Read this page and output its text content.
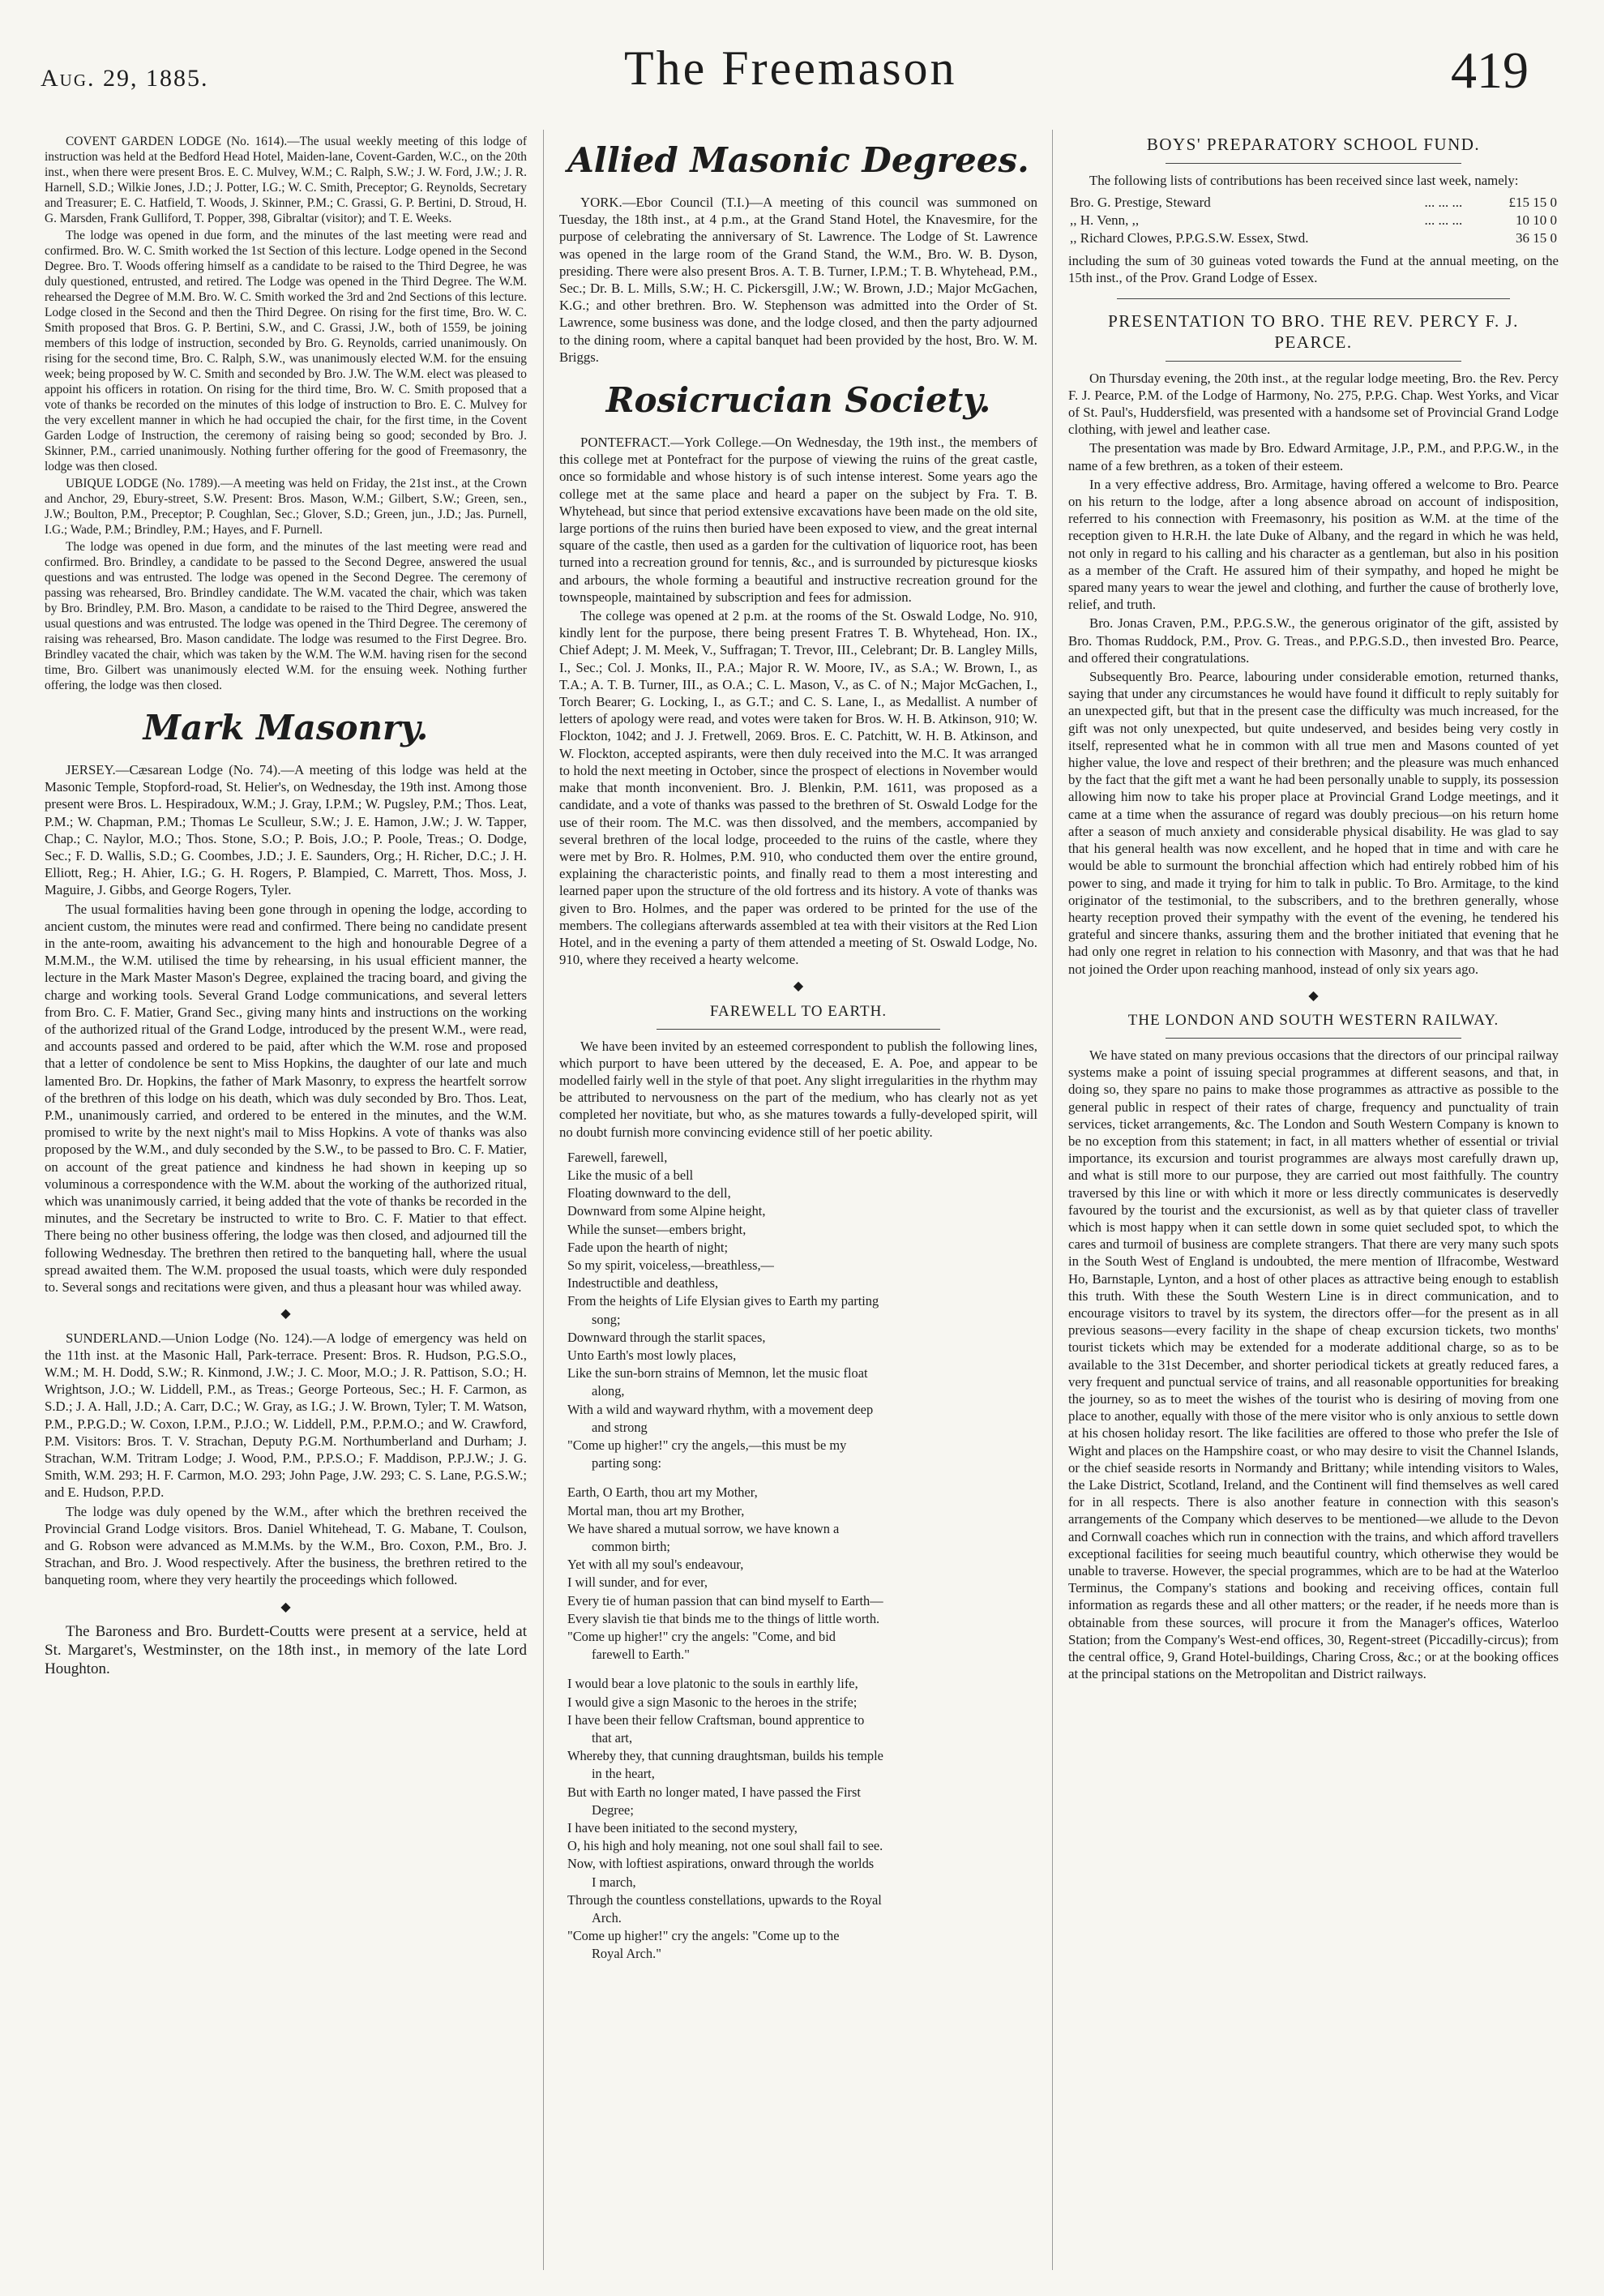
Aug. 29, 1885.	The Freemason	419

COVENT GARDEN LODGE (No. 1614).—The usual weekly meeting of this lodge of instruction was held at the Bedford Head Hotel, Maiden-lane, Covent-Garden, W.C., on the 20th inst., when there were present Bros. E. C. Mulvey, W.M.; C. Ralph, S.W.; J. W. Ford, J.W.; J. R. Harnell, S.D.; Wilkie Jones, J.D.; J. Potter, I.G.; W. C. Smith, Preceptor; G. Reynolds, Secretary and Treasurer; E. C. Hatfield, T. Woods, J. Skinner, P.M.; C. Grassi, G. P. Bertini, D. Stroud, H. G. Marsden, Frank Gulliford, T. Popper, 398, Gibraltar (visitor); and T. E. Weeks.

The lodge was opened in due form, and the minutes of the last meeting were read and confirmed. Bro. W. C. Smith worked the 1st Section of this lecture. Lodge opened in the Second Degree. Bro. T. Woods offering himself as a candidate to be raised to the Third Degree, he was duly questioned, entrusted, and retired. The Lodge was opened in the Third Degree. The W.M. rehearsed the Degree of M.M. Bro. W. C. Smith worked the 3rd and 2nd Sections of this lecture. Lodge closed in the Second and then the Third Degree. On rising for the first time, Bro. W. C. Smith proposed that Bros. G. P. Bertini, S.W., and C. Grassi, J.W., both of 1559, be joining members of this lodge of instruction, seconded by Bro. G. Reynolds, carried unanimously. On rising for the second time, Bro. C. Ralph, S.W., was unanimously elected W.M. for the ensuing week; being proposed by W. C. Smith and seconded by Bro. J.W. The W.M. elect was pleased to appoint his officers in rotation. On rising for the third time, Bro. W. C. Smith proposed that a vote of thanks be recorded on the minutes of this lodge of instruction to Bro. E. C. Mulvey for the very excellent manner in which he had occupied the chair, for the first time, in the Covent Garden Lodge of Instruction, the ceremony of raising being so good; seconded by Bro. J. Skinner, P.M., carried unanimously. Nothing further offering for the good of Freemasonry, the lodge was then closed.

UBIQUE LODGE (No. 1789).—A meeting was held on Friday, the 21st inst., at the Crown and Anchor, 29, Ebury-street, S.W. Present: Bros. Mason, W.M.; Gilbert, S.W.; Green, sen., J.W.; Boulton, P.M., Preceptor; P. Coughlan, Sec.; Glover, S.D.; Green, jun., J.D.; Jas. Purnell, I.G.; Wade, P.M.; Brindley, P.M.; Hayes, and F. Purnell.

The lodge was opened in due form, and the minutes of the last meeting were read and confirmed. Bro. Brindley, a candidate to be passed to the Second Degree, answered the usual questions and was entrusted. The lodge was opened in the Second Degree. The ceremony of passing was rehearsed, Bro. Brindley candidate. The W.M. vacated the chair, which was taken by Bro. Brindley, P.M. Bro. Mason, a candidate to be raised to the Third Degree, answered the usual questions and was entrusted. The lodge was opened in the Third Degree. The ceremony of raising was rehearsed, Bro. Mason candidate. The lodge was resumed to the First Degree. Bro. Brindley vacated the chair, which was taken by the W.M. The W.M. having risen for the second time, Bro. Gilbert was unanimously elected W.M. for the ensuing week. Nothing further offering, the lodge was then closed.

Mark Masonry.

JERSEY.—Cæsarean Lodge (No. 74).—A meeting of this lodge was held at the Masonic Temple, Stopford-road, St. Helier's, on Wednesday, the 19th inst. Among those present were Bros. L. Hespiradoux, W.M.; J. Gray, I.P.M.; W. Pugsley, P.M.; Thos. Leat, P.M.; W. Chapman, P.M.; Thomas Le Sculleur, S.W.; J. E. Hamon, J.W.; J. W. Tapper, Chap.; C. Naylor, M.O.; Thos. Stone, S.O.; P. Bois, J.O.; P. Poole, Treas.; O. Dodge, Sec.; F. D. Wallis, S.D.; G. Coombes, J.D.; J. E. Saunders, Org.; H. Richer, D.C.; J. H. Elliott, Reg.; H. Ahier, I.G.; G. H. Rogers, P. Blampied, C. Marrett, Thos. Moss, J. Maguire, J. Gibbs, and George Rogers, Tyler.

The usual formalities having been gone through in opening the lodge, according to ancient custom, the minutes were read and confirmed. There being no candidate present in the ante-room, awaiting his advancement to the high and honourable Degree of a M.M.M., the W.M. utilised the time by rehearsing, in his usual efficient manner, the lecture in the Mark Master Mason's Degree, explained the tracing board, and giving the charge and working tools. Several Grand Lodge communications, and several letters from Bro. C. F. Matier, Grand Sec., giving many hints and instructions on the working of the authorized ritual of the Grand Lodge, introduced by the present W.M., were read, and accounts passed and ordered to be paid, after which the W.M. rose and proposed that a letter of condolence be sent to Miss Hopkins, the daughter of our late and much lamented Bro. Dr. Hopkins, the father of Mark Masonry, to express the heartfelt sorrow of the brethren of this lodge on his death, which was duly seconded by Bro. Thos. Leat, P.M., unanimously carried, and ordered to be entered in the minutes, and the W.M. promised to write by the next night's mail to Miss Hopkins. A vote of thanks was also proposed by the W.M., and duly seconded by the S.W., to be passed to Bro. C. F. Matier, on account of the great patience and kindness he had shown in keeping up so voluminous a correspondence with the W.M. about the working of the authorized ritual, which was unanimously carried, it being added that the vote of thanks be recorded in the minutes, and the Secretary be instructed to write to Bro. C. F. Matier to that effect. There being no other business offering, the lodge was then closed, and adjourned till the following Wednesday. The brethren then retired to the banqueting hall, where the usual spread awaited them. The W.M. proposed the usual toasts, which were duly responded to. Several songs and recitations were given, and thus a pleasant hour was whiled away.

◆

SUNDERLAND.—Union Lodge (No. 124).—A lodge of emergency was held on the 11th inst. at the Masonic Hall, Park-terrace. Present: Bros. R. Hudson, P.G.S.O., W.M.; M. H. Dodd, S.W.; R. Kinmond, J.W.; J. C. Moor, M.O.; J. R. Pattison, S.O.; H. Wrightson, J.O.; W. Liddell, P.M., as Treas.; George Porteous, Sec.; H. F. Carmon, as S.D.; J. A. Hall, J.D.; A. Carr, D.C.; W. Gray, as I.G.; J. W. Brown, Tyler; T. M. Watson, P.M., P.P.G.D.; W. Coxon, I.P.M., P.J.O.; W. Liddell, P.M., P.P.M.O.; and W. Crawford, P.M. Visitors: Bros. T. V. Strachan, Deputy P.G.M. Northumberland and Durham; J. Strachan, W.M. Tritram Lodge; J. Wood, P.M., P.P.S.O.; F. Maddison, P.P.J.W.; J. G. Smith, W.M. 293; H. F. Carmon, M.O. 293; John Page, J.W. 293; C. S. Lane, P.G.S.W.; and E. Hudson, P.P.D.

The lodge was duly opened by the W.M., after which the brethren received the Provincial Grand Lodge visitors. Bros. Daniel Whitehead, T. G. Mabane, T. Coulson, and G. Robson were advanced as M.M.Ms. by the W.M., Bro. Coxon, P.M., Bro. J. Strachan, and Bro. J. Wood respectively. After the business, the brethren retired to the banqueting room, where they very heartily the proceedings which followed.

◆

The Baroness and Bro. Burdett-Coutts were present at a service, held at St. Margaret's, Westminster, on the 18th inst., in memory of the late Lord Houghton.

Allied Masonic Degrees.

YORK.—Ebor Council (T.I.)—A meeting of this council was summoned on Tuesday, the 18th inst., at 4 p.m., at the Grand Stand Hotel, the Knavesmire, for the purpose of celebrating the anniversary of St. Lawrence. The Lodge of St. Lawrence was opened in the large room of the Grand Stand, the W.M., Bro. W. B. Dyson, presiding. There were also present Bros. A. T. B. Turner, I.P.M.; T. B. Whytehead, P.M., Sec.; Dr. B. L. Mills, S.W.; H. C. Pickersgill, J.W.; W. Brown, J.D.; Major McGachen, K.G.; and other brethren. Bro. W. Stephenson was admitted into the Order of St. Lawrence, some business was done, and the lodge closed, and then the party adjourned to the dining room, where a capital banquet had been provided by the host, Bro. W. M. Briggs.

Rosicrucian Society.

PONTEFRACT.—York College.—On Wednesday, the 19th inst., the members of this college met at Pontefract for the purpose of viewing the ruins of the great castle, once so formidable and whose history is of such intense interest. Some years ago the college met at the same place and heard a paper on the subject by Fra. T. B. Whytehead, but since that period extensive excavations have been made on the old site, large portions of the ruins then buried have been exposed to view, and the great internal square of the castle, then used as a garden for the cultivation of liquorice root, has been turned into a recreation ground for tennis, &c., and is surrounded by picturesque kiosks and arbours, the whole forming a beautiful and instructive recreation ground for the townspeople, maintained by subscription and fees for admission.

The college was opened at 2 p.m. at the rooms of the St. Oswald Lodge, No. 910, kindly lent for the purpose, there being present Fratres T. B. Whytehead, Hon. IX., Chief Adept; J. M. Meek, V., Suffragan; T. Trevor, III., Celebrant; Dr. B. Langley Mills, I., Sec.; Col. J. Monks, II., P.A.; Major R. W. Moore, IV., as S.A.; W. Brown, I., as T.A.; A. T. B. Turner, III., as O.A.; C. L. Mason, V., as C. of N.; Major McGachen, I., Torch Bearer; G. Locking, I., as G.T.; and C. S. Lane, I., as Medallist. A number of letters of apology were read, and votes were taken for Bros. W. H. B. Atkinson, 910; W. Flockton, 1042; and J. J. Fretwell, 2069. Bros. E. C. Patchitt, W. H. B. Atkinson, and W. Flockton, accepted aspirants, were then duly received into the M.C. It was arranged to hold the next meeting in October, since the prospect of elections in November would make that month inconvenient. Bro. J. Blenkin, P.M. 1611, was proposed as a candidate, and a vote of thanks was passed to the brethren of St. Oswald Lodge for the use of their room. The M.C. was then dissolved, and the members, accompanied by several brethren of the local lodge, proceeded to the ruins of the castle, where they were met by Bro. R. Holmes, P.M. 910, who conducted them over the entire ground, explaining the characteristic points, and finally read to them a most interesting and learned paper upon the structure of the old fortress and its history. A vote of thanks was given to Bro. Holmes, and the paper was ordered to be printed for the use of the members. The collegians afterwards assembled at tea with their visitors at the Red Lion Hotel, and in the evening a party of them attended a meeting of St. Oswald Lodge, No. 910, where they received a hearty welcome.

◆
FAREWELL TO EARTH.

We have been invited by an esteemed correspondent to publish the following lines, which purport to have been uttered by the deceased, E. A. Poe, and appear to be modelled fairly well in the style of that poet. Any slight irregularities in the rhythm may be attributed to nervousness on the part of the medium, who has clearly not as yet completed her novitiate, but who, as she matures towards a fully-developed spirit, will no doubt furnish more convincing evidence still of her poetic ability.

Farewell, farewell,
Like the music of a bell
Floating downward to the dell,
Downward from some Alpine height,
While the sunset—embers bright,
Fade upon the hearth of night;
So my spirit, voiceless,—breathless,—
Indestructible and deathless,
From the heights of Life Elysian gives to Earth my parting
song;
Downward through the starlit spaces,
Unto Earth's most lowly places,
Like the sun-born strains of Memnon, let the music float
along,
With a wild and wayward rhythm, with a movement deep
and strong
"Come up higher!" cry the angels,—this must be my
parting song:
Earth, O Earth, thou art my Mother,
Mortal man, thou art my Brother,
We have shared a mutual sorrow, we have known a
common birth;
Yet with all my soul's endeavour,
I will sunder, and for ever,
Every tie of human passion that can bind myself to Earth—
Every slavish tie that binds me to the things of little worth.
"Come up higher!" cry the angels: "Come, and bid
farewell to Earth."
I would bear a love platonic to the souls in earthly life,
I would give a sign Masonic to the heroes in the strife;
I have been their fellow Craftsman, bound apprentice to
that art,
Whereby they, that cunning draughtsman, builds his temple
in the heart,
But with Earth no longer mated, I have passed the First
Degree;
I have been initiated to the second mystery,
O, his high and holy meaning, not one soul shall fail to see.
Now, with loftiest aspirations, onward through the worlds
I march,
Through the countless constellations, upwards to the Royal
Arch.
"Come up higher!" cry the angels: "Come up to the
Royal Arch."
BOYS' PREPARATORY SCHOOL FUND.

The following lists of contributions has been received since last week, namely:

Bro. G. Prestige, Steward	... ... ...	£15 15 0
,, H. Venn, ,,	... ... ...	10 10 0
,, Richard Clowes, P.P.G.S.W. Essex, Stwd.		36 15 0

including the sum of 30 guineas voted towards the Fund at the annual meeting, on the 15th inst., of the Prov. Grand Lodge of Essex.

PRESENTATION TO BRO. THE REV. PERCY F. J. PEARCE.

On Thursday evening, the 20th inst., at the regular lodge meeting, Bro. the Rev. Percy F. J. Pearce, P.M. of the Lodge of Harmony, No. 275, P.P.G. Chap. West Yorks, and Vicar of St. Paul's, Huddersfield, was presented with a handsome set of Provincial Grand Lodge clothing, with jewel and leather case.

The presentation was made by Bro. Edward Armitage, J.P., P.M., and P.P.G.W., in the name of a few brethren, as a token of their esteem.

In a very effective address, Bro. Armitage, having offered a welcome to Bro. Pearce on his return to the lodge, after a long absence abroad on account of indisposition, referred to his connection with Freemasonry, his position as W.M. at the time of the reception given to H.R.H. the late Duke of Albany, and the regard in which he was held, not only in regard to his calling and his character as a gentleman, but also in his position as a member of the Craft. He assured him of their sympathy, and hoped he might be spared many years to wear the jewel and clothing, and further the cause of brotherly love, relief, and truth.

Bro. Jonas Craven, P.M., P.P.G.S.W., the generous originator of the gift, assisted by Bro. Thomas Ruddock, P.M., Prov. G. Treas., and P.P.G.S.D., then invested Bro. Pearce, and offered their congratulations.

Subsequently Bro. Pearce, labouring under considerable emotion, returned thanks, saying that under any circumstances he would have found it difficult to reply suitably for an unexpected gift, but that in the present case the difficulty was much increased, for the gift was not only unexpected, but quite undeserved, and besides being very costly in itself, represented what he in common with all true men and Masons counted of yet higher value, the love and respect of their brethren; and the pleasure was much enhanced by the fact that the gift met a want he had been personally unable to supply, its possession allowing him now to take his proper place at Provincial Grand Lodge meetings, and it came at a time when the assurance of regard was doubly precious—on his return home after a season of much anxiety and considerable physical disability. He was glad to say that his general health was now excellent, and he hoped that in time and with care he would be able to surmount the bronchial affection which had entirely robbed him of his power to sing, and made it trying for him to talk in public. To Bro. Armitage, to the kind originator of the testimonial, to the subscribers, and to the brethren generally, whose hearty reception proved their sympathy with the event of the evening, he tendered his grateful and sincere thanks, assuring them and the brother initiated that evening that he had only one regret in relation to his connection with Masonry, and that was that he had not joined the Order upon reaching manhood, instead of only six years ago.

◆
THE LONDON AND SOUTH WESTERN RAILWAY.

We have stated on many previous occasions that the directors of our principal railway systems make a point of issuing special programmes at different seasons, and that, in doing so, they spare no pains to make those programmes as attractive as possible to the general public in respect of their rates of charge, frequency and punctuality of train services, ticket arrangements, &c. The London and South Western Company is known to be no exception from this statement; in fact, in all matters whether of essential or trivial importance, its excursion and tourist programmes are always most carefully drawn up, and what is still more to our purpose, they are carried out most faithfully. The country traversed by this line or with which it more or less directly communicates is deservedly favoured by the tourist and the excursionist, as well as by that quieter class of traveller which is most happy when it can settle down in some quiet secluded spot, to which the cares and turmoil of business are complete strangers. That there are very many such spots in the South West of England is undoubted, the mere mention of Ilfracombe, Westward Ho, Barnstaple, Lynton, and a host of other places as attractive being enough to establish this truth. With these the South Western Line is in direct communication, and to encourage visitors to travel by its system, the directors offer—for the present as in all previous seasons—every facility in the shape of cheap excursion tickets, two months' tourist tickets which may be extended for a moderate additional charge, so as to be available to the 31st December, and shorter periodical tickets at greatly reduced fares, a very frequent and punctual service of trains, and all reasonable opportunities for breaking the journey, so as to meet the wishes of the tourist who is desiring of moving from one place to another, equally with those of the mere visitor who is only anxious to settle down at his chosen holiday resort. The like facilities are offered to those who prefer the Isle of Wight and places on the Hampshire coast, or who may desire to visit the Channel Islands, or the chief seaside resorts in Normandy and Brittany; while intending visitors to Wales, the Lake District, Scotland, Ireland, and the Continent will find themselves as well cared for in all respects. There is also another feature in connection with this season's arrangements of the Company which deserves to be mentioned—we allude to the Devon and Cornwall coaches which run in connection with the trains, and which afford travellers exceptional facilities for seeing much beautiful country, which otherwise they would be unable to traverse. However, the special programmes, which are to be had at the Waterloo Terminus, the Company's stations and booking and receiving offices, contain full information as regards these and all other matters; or the reader, if he needs more than is obtainable from these sources, will procure it from the Manager's offices, Waterloo Station; from the Company's West-end offices, 30, Regent-street (Piccadilly-circus); from the central office, 9, Grand Hotel-buildings, Charing Cross, &c.; or at the booking offices at the principal stations on the Metropolitan and District railways.
